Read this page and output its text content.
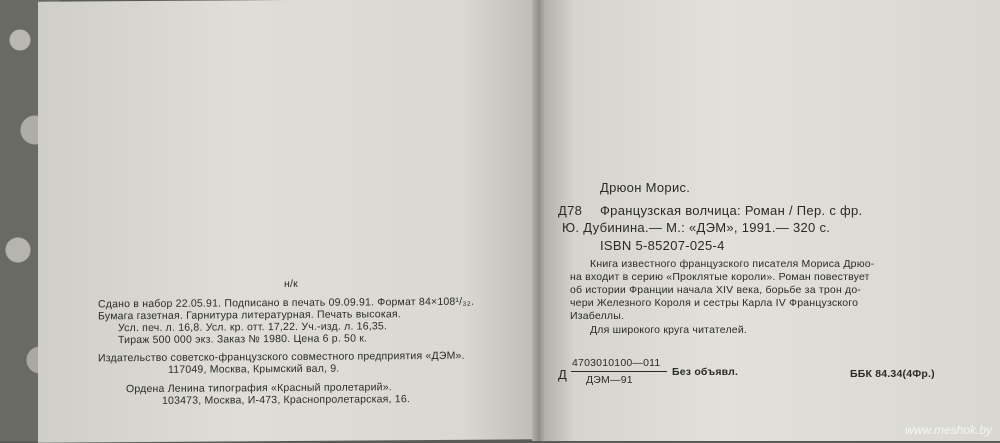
н/к
Сдано в набор 22.05.91. Подписано в печать 09.09.91. Формат 84×108¹/₃₂.
Бумага газетная. Гарнитура литературная. Печать высокая.
Усл. печ. л. 16,8. Усл. кр. отт. 17,22. Уч.-изд. л. 16,35.
Тираж 500 000 экз. Заказ № 1980. Цена 6 р. 50 к.
Издательство советско-французского совместного предприятия «ДЭМ».
117049, Москва, Крымский вал, 9.
Ордена Ленина типография «Красный пролетарий».
103473, Москва, И-473, Краснопролетарская, 16.
Дрюон Морис.
Д78 Французская волчица: Роман / Пер. с фр.
Ю. Дубинина.— М.: «ДЭМ», 1991.— 320 с.
ISBN 5-85207-025-4
Книга известного французского писателя Мориса Дрюо-
на входит в серию «Проклятые короли». Роман повествует
об истории Франции начала XIV века, борьбе за трон до-
чери Железного Короля и сестры Карла IV Французского
Изабеллы.
Для широкого круга читателей.
Д
4703010100—011
ДЭМ—91
Без объявл.	ББК 84.34(4Фр.)
www.meshok.by
